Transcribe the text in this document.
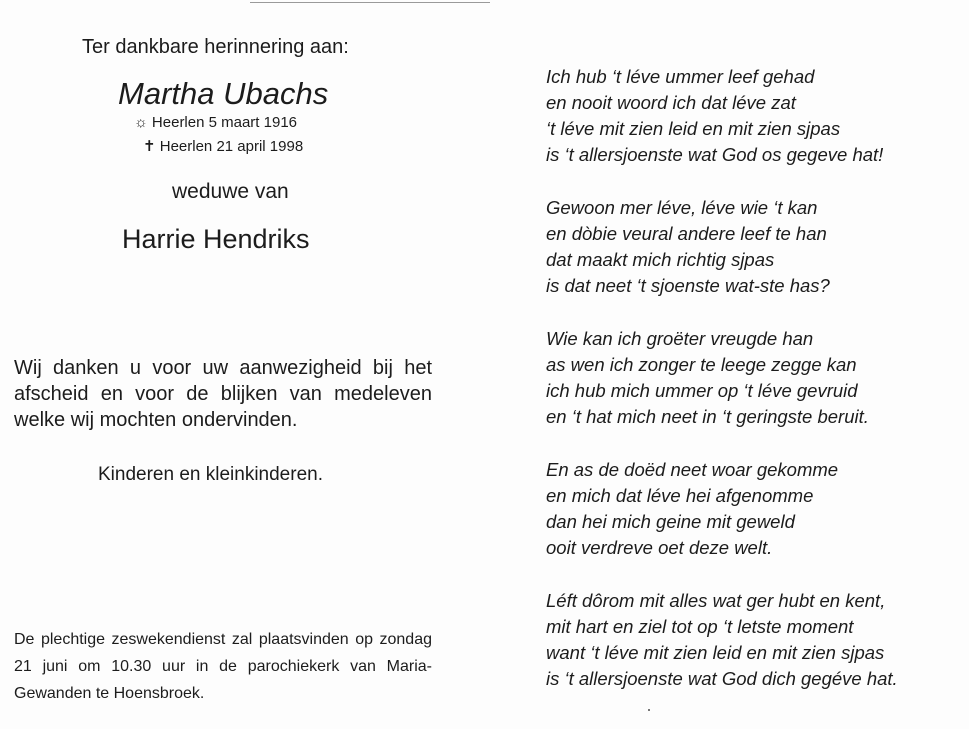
Ter dankbare herinnering aan:
Martha Ubachs
☼ Heerlen 5 maart 1916
✝ Heerlen 21 april 1998
weduwe van
Harrie Hendriks
Wij danken u voor uw aanwezigheid bij het afscheid en voor de blijken van medeleven welke wij mochten ondervinden.
Kinderen en kleinkinderen.
De plechtige zeswekendienst zal plaatsvinden op zondag 21 juni om 10.30 uur in de parochiekerk van Maria-Gewanden te Hoensbroek.
Ich hub ‘t léve ummer leef gehad
en nooit woord ich dat léve zat
‘t léve mit zien leid en mit zien sjpas
is ‘t allersjoenste wat God os gegeve hat!
Gewoon mer léve, léve wie ‘t kan
en dòbie veural andere leef te han
dat maakt mich richtig sjpas
is dat neet ‘t sjoenste wat-ste has?
Wie kan ich groëter vreugde han
as wen ich zonger te leege zegge kan
ich hub mich ummer op ‘t léve gevruid
en ‘t hat mich neet in ‘t geringste beruit.
En as de doëd neet woar gekomme
en mich dat léve hei afgenomme
dan hei mich geine mit geweld
ooit verdreve oet deze welt.
Léft dôrom mit alles wat ger hubt en kent,
mit hart en ziel tot op ‘t letste moment
want ‘t léve mit zien leid en mit zien sjpas
is ‘t allersjoenste wat God dich gegéve hat.
